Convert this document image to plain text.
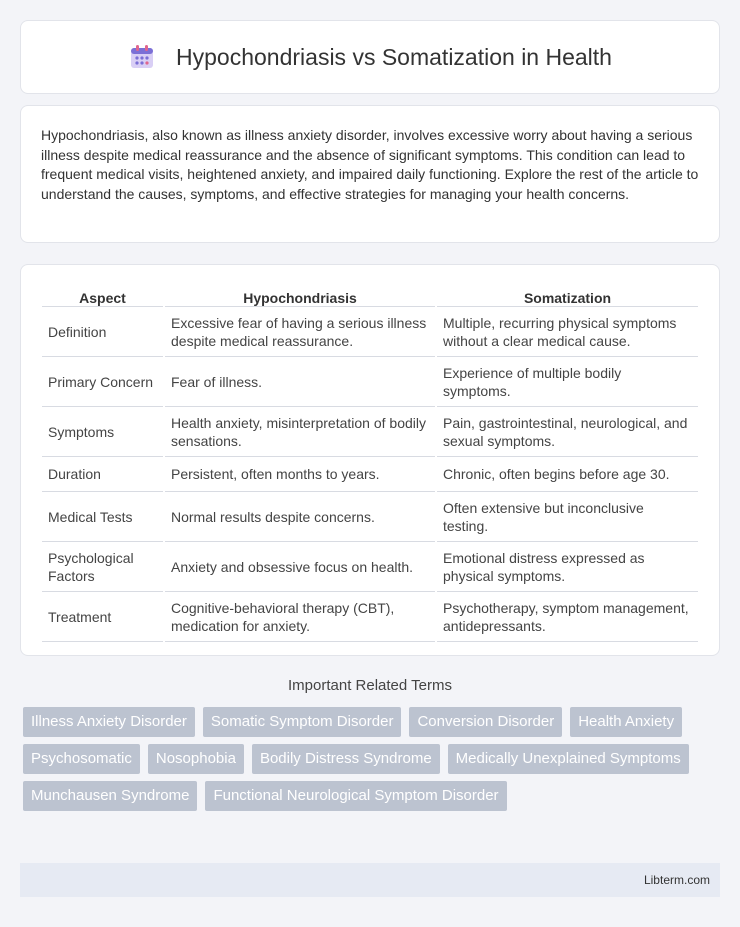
Hypochondriasis vs Somatization in Health

Hypochondriasis, also known as illness anxiety disorder, involves excessive worry about having a serious illness despite medical reassurance and the absence of significant symptoms. This condition can lead to frequent medical visits, heightened anxiety, and impaired daily functioning. Explore the rest of the article to understand the causes, symptoms, and effective strategies for managing your health concerns.

Aspect	Hypochondriasis	Somatization
Definition	Excessive fear of having a serious illness despite medical reassurance.	Multiple, recurring physical symptoms without a clear medical cause.
Primary Concern	Fear of illness.	Experience of multiple bodily symptoms.
Symptoms	Health anxiety, misinterpretation of bodily sensations.	Pain, gastrointestinal, neurological, and sexual symptoms.
Duration	Persistent, often months to years.	Chronic, often begins before age 30.
Medical Tests	Normal results despite concerns.	Often extensive but inconclusive testing.
Psychological Factors	Anxiety and obsessive focus on health.	Emotional distress expressed as physical symptoms.
Treatment	Cognitive-behavioral therapy (CBT), medication for anxiety.	Psychotherapy, symptom management, antidepressants.
Important Related Terms
Illness Anxiety Disorder	Somatic Symptom Disorder	Conversion Disorder	Health Anxiety
Psychosomatic	Nosophobia	Bodily Distress Syndrome	Medically Unexplained Symptoms
Munchausen Syndrome	Functional Neurological Symptom Disorder
Libterm.com
